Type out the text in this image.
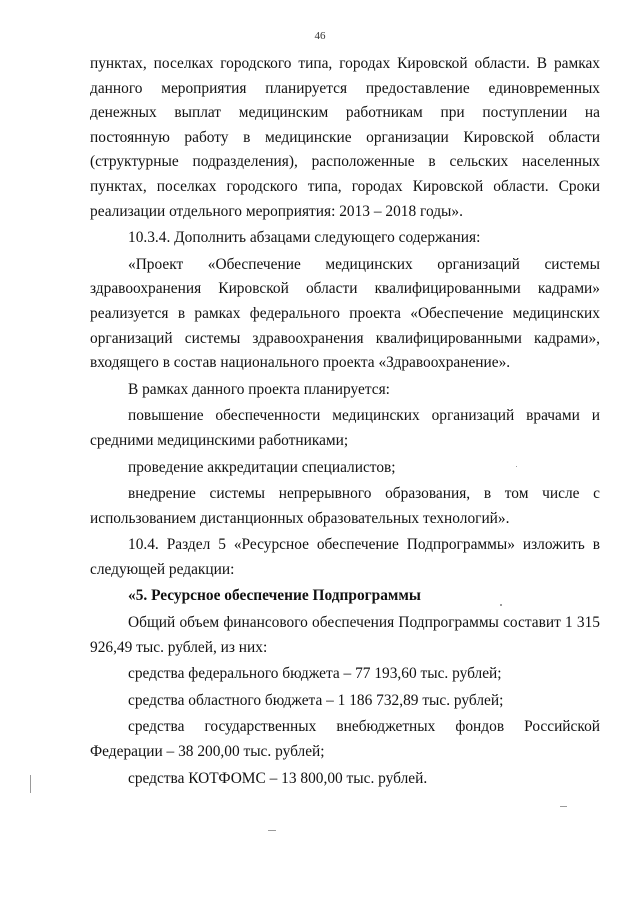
46

пунктах, поселках городского типа, городах Кировской области. В рамках данного мероприятия планируется предоставление единовременных денежных выплат медицинским работникам при поступлении на постоянную работу в медицинские организации Кировской области (структурные подразделения), расположенные в сельских населенных пунктах, поселках городского типа, городах Кировской области. Сроки реализации отдельного мероприятия: 2013 – 2018 годы».

10.3.4. Дополнить абзацами следующего содержания:

«Проект «Обеспечение медицинских организаций системы здравоохранения Кировской области квалифицированными кадрами» реализуется в рамках федерального проекта «Обеспечение медицинских организаций системы здравоохранения квалифицированными кадрами», входящего в состав национального проекта «Здравоохранение».

В рамках данного проекта планируется:

повышение обеспеченности медицинских организаций врачами и средними медицинскими работниками;

проведение аккредитации специалистов;

внедрение системы непрерывного образования, в том числе с использованием дистанционных образовательных технологий».

10.4. Раздел 5 «Ресурсное обеспечение Подпрограммы» изложить в следующей редакции:

«5. Ресурсное обеспечение Подпрограммы

Общий объем финансового обеспечения Подпрограммы составит 1 315 926,49 тыс. рублей, из них:

средства федерального бюджета – 77 193,60 тыс. рублей;

средства областного бюджета – 1 186 732,89 тыс. рублей;

средства государственных внебюджетных фондов Российской Федерации – 38 200,00 тыс. рублей;

средства КОТФОМС – 13 800,00 тыс. рублей.
